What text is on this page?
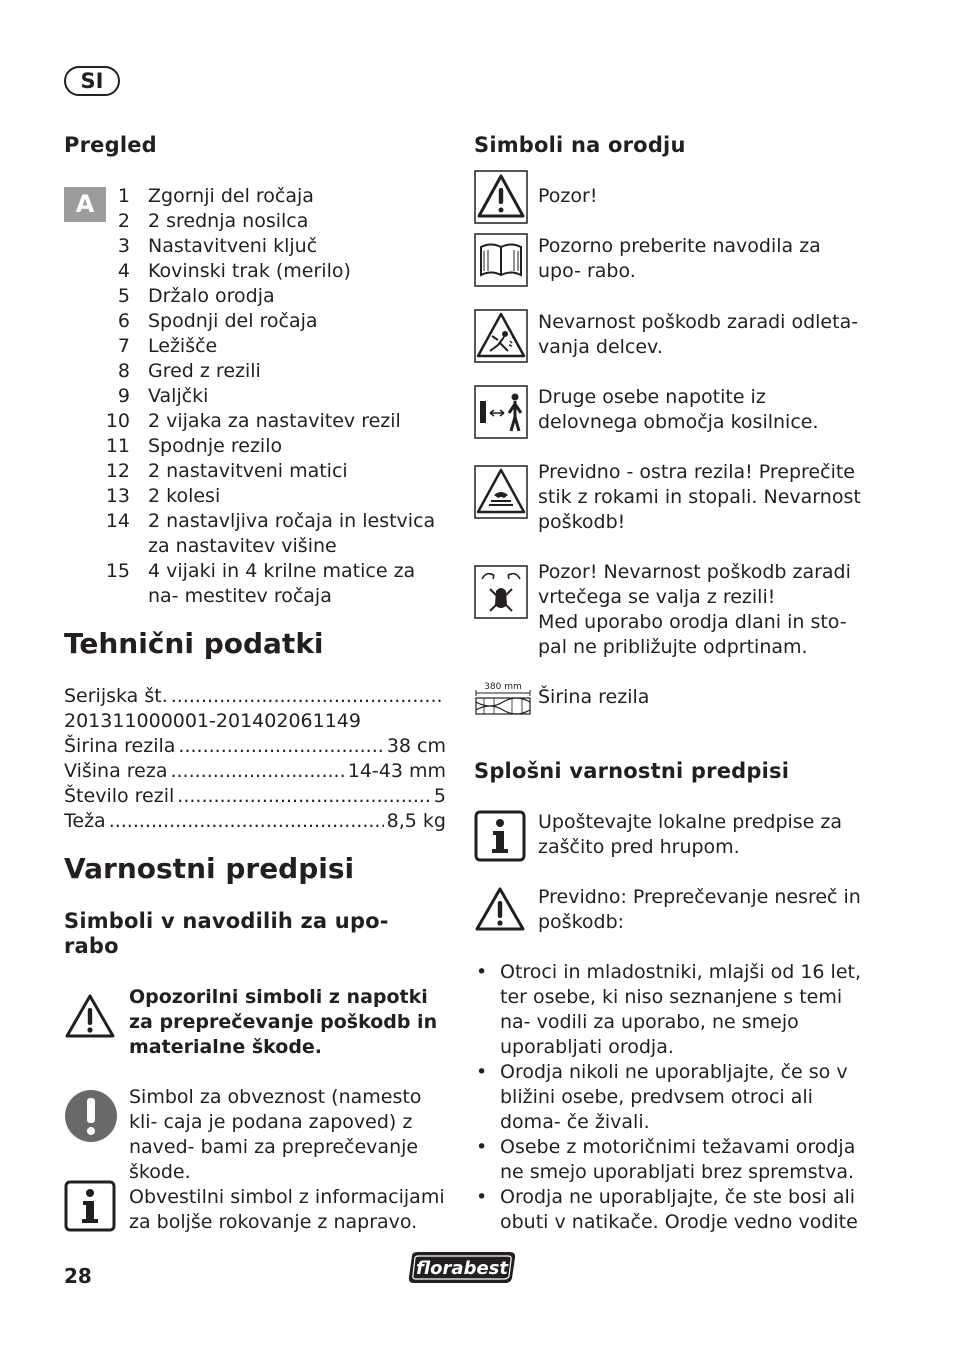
SI
Pregled
A	1 Zgornji del ročaja
2 2 srednja nosilca
3 Nastavitveni ključ
4 Kovinski trak (merilo)
5 Držalo orodja
6 Spodnji del ročaja
7 Ležišče
8 Gred z rezili
9 Valjčki
10 2 vijaka za nastavitev rezil
11 Spodnje rezilo
12 2 nastavitveni matici
13 2 kolesi
14 2 nastavljiva ročaja in lestvica za nastavitev višine
15 4 vijaki in 4 krilne matice za na- mestitev ročaja
Tehnični podatki
Serijska št.
.....
201311000001-201402061149
Širina rezila .....	38 cm
Višina reza .....	14-43 mm
Število rezil .....	5
Teža .....	8,5 kg
Varnostni predpisi
Simboli v navodilih za upo- rabo
Opozorilni simboli z napotki za preprečevanje poškodb in materialne škode.
Simbol za obveznost (namesto kli- caja je podana zapoved) z naved- bami za preprečevanje škode.
Obvestilni simbol z informacijami za boljše rokovanje z napravo.
Simboli na orodju
Pozor!
Pozorno preberite navodila za upo- rabo.
Nevarnost poškodb zaradi odleta- vanja delcev.
Druge osebe napotite iz delovnega območja kosilnice.
Previdno - ostra rezila! Preprečite stik z rokami in stopali. Nevarnost poškodb!
Pozor! Nevarnost poškodb zaradi vrtečega se valja z rezili!
Med uporabo orodja dlani in sto- pal ne približujte odprtinam.
380 mm Širina rezila
Splošni varnostni predpisi
Upoštevajte lokalne predpise za zaščito pred hrupom.
Previdno: Preprečevanje nesreč in poškodb:
• Otroci in mladostniki, mlajši od 16 let, ter osebe, ki niso seznanjene s temi na- vodili za uporabo, ne smejo uporabljati orodja.
• Orodja nikoli ne uporabljajte, če so v bližini osebe, predvsem otroci ali doma- če živali.
• Osebe z motoričnimi težavami orodja ne smejo uporabljati brez spremstva.
• Orodja ne uporabljajte, če ste bosi ali obuti v natikače. Orodje vedno vodite
28	florabest
